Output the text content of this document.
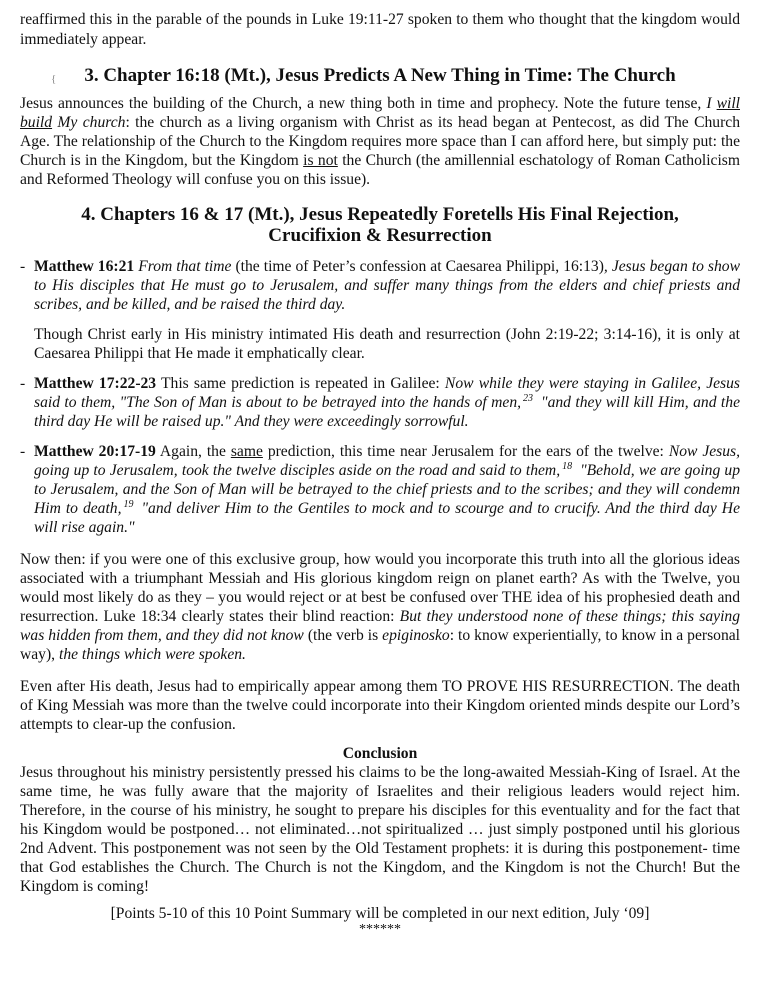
{

reaffirmed this in the parable of the pounds in Luke 19:11-27 spoken to them who thought that the kingdom would immediately appear.

3. Chapter 16:18 (Mt.), Jesus Predicts A New Thing in Time: The Church

Jesus announces the building of the Church, a new thing both in time and prophecy. Note the future tense, I will build My church: the church as a living organism with Christ as its head began at Pentecost, as did The Church Age. The relationship of the Church to the Kingdom requires more space than I can afford here, but simply put: the Church is in the Kingdom, but the Kingdom is not the Church (the amillennial eschatology of Roman Catholicism and Reformed Theology will confuse you on this issue).

4. Chapters 16 & 17 (Mt.), Jesus Repeatedly Foretells His Final Rejection,
Crucifixion & Resurrection
- Matthew 16:21 From that time (the time of Peter’s confession at Caesarea Philippi, 16:13), Jesus began to show to His disciples that He must go to Jerusalem, and suffer many things from the elders and chief priests and scribes, and be killed, and be raised the third day.

Though Christ early in His ministry intimated His death and resurrection (John 2:19-22; 3:14-16), it is only at Caesarea Philippi that He made it emphatically clear.

- Matthew 17:22-23 This same prediction is repeated in Galilee: Now while they were staying in Galilee, Jesus said to them, "The Son of Man is about to be betrayed into the hands of men, $^{23}$ "and they will kill Him, and the third day He will be raised up." And they were exceedingly sorrowful.
- Matthew 20:17-19 Again, the same prediction, this time near Jerusalem for the ears of the twelve: Now Jesus, going up to Jerusalem, took the twelve disciples aside on the road and said to them, $^{18}$ "Behold, we are going up to Jerusalem, and the Son of Man will be betrayed to the chief priests and to the scribes; and they will condemn Him to death, $^{19}$ "and deliver Him to the Gentiles to mock and to scourge and to crucify. And the third day He will rise again."

Now then: if you were one of this exclusive group, how would you incorporate this truth into all the glorious ideas associated with a triumphant Messiah and His glorious kingdom reign on planet earth? As with the Twelve, you would most likely do as they – you would reject or at best be confused over THE idea of his prophesied death and resurrection. Luke 18:34 clearly states their blind reaction: But they understood none of these things; this saying was hidden from them, and they did not know (the verb is epiginosko: to know experientially, to know in a personal way), the things which were spoken.

Even after His death, Jesus had to empirically appear among them TO PROVE HIS RESURRECTION. The death of King Messiah was more than the twelve could incorporate into their Kingdom oriented minds despite our Lord’s attempts to clear-up the confusion.

Conclusion

Jesus throughout his ministry persistently pressed his claims to be the long-awaited Messiah-King of Israel. At the same time, he was fully aware that the majority of Israelites and their religious leaders would reject him. Therefore, in the course of his ministry, he sought to prepare his disciples for this eventuality and for the fact that his Kingdom would be postponed… not eliminated…not spiritualized … just simply postponed until his glorious 2nd Advent. This postponement was not seen by the Old Testament prophets: it is during this postponement- time that God establishes the Church. The Church is not the Kingdom, and the Kingdom is not the Church! But the Kingdom is coming!

[Points 5-10 of this 10 Point Summary will be completed in our next edition, July ‘09]
******
